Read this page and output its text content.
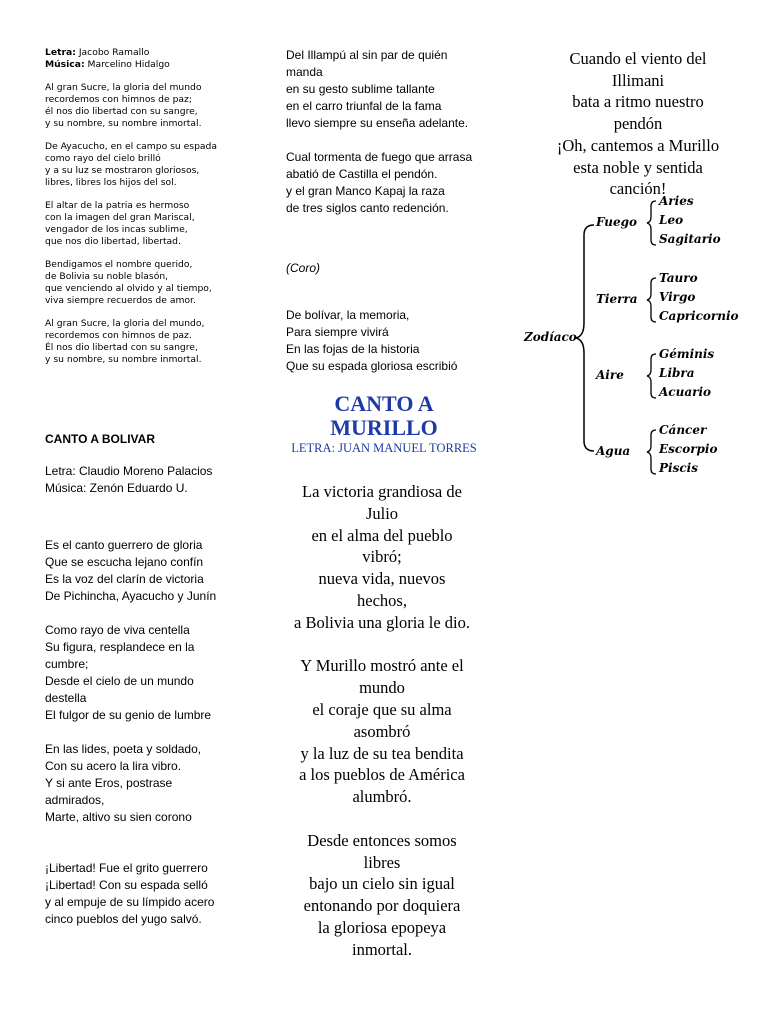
Letra: Jacobo Ramallo
Música: Marcelino Hidalgo
Al gran Sucre, la gloria del mundo
recordemos con himnos de paz;
él nos dio libertad con su sangre,
y su nombre, su nombre inmortal.
De Ayacucho, en el campo su espada
como rayo del cielo brilló
y a su luz se mostraron gloriosos,
libres, libres los hijos del sol.
El altar de la patria es hermoso
con la imagen del gran Mariscal,
vengador de los incas sublime,
que nos dio libertad, libertad.
Bendigamos el nombre querido,
de Bolivia su noble blasón,
que venciendo al olvido y al tiempo,
viva siempre recuerdos de amor.
Al gran Sucre, la gloria del mundo,
recordemos con himnos de paz.
Él nos dio libertad con su sangre,
y su nombre, su nombre inmortal.
CANTO A BOLIVAR
Letra: Claudio Moreno Palacios
Música: Zenón Eduardo U.
Es el canto guerrero de gloria
Que se escucha lejano confín
Es la voz del clarín de victoria
De Pichincha, Ayacucho y Junín
Como rayo de viva centella
Su figura, resplandece en la
cumbre;
Desde el cielo de un mundo
destella
El fulgor de su genio de lumbre
En las lides, poeta y soldado,
Con su acero la lira vibro.
Y si ante Eros, postrase
admirados,
Marte, altivo su sien corono
¡Libertad! Fue el grito guerrero
¡Libertad! Con su espada selló
y al empuje de su límpido acero
cinco pueblos del yugo salvó.
Del Illampú al sin par de quién
manda
en su gesto sublime tallante
en el carro triunfal de la fama
llevo siempre su enseña adelante.
Cual tormenta de fuego que arrasa
abatió de Castilla el pendón.
y el gran Manco Kapaj la raza
de tres siglos canto redención.
(Coro)
De bolívar, la memoria,
Para siempre vivirá
En las fojas de la historia
Que su espada gloriosa escribió
CANTO A
MURILLO
LETRA: JUAN MANUEL TORRES
La victoria grandiosa de
Julio
en el alma del pueblo
vibró;
nueva vida, nuevos
hechos,
a Bolivia una gloria le dio.
Y Murillo mostró ante el
mundo
el coraje que su alma
asombró
y la luz de su tea bendita
a los pueblos de América
alumbró.
Desde entonces somos
libres
bajo un cielo sin igual
entonando por doquiera
la gloriosa epopeya
inmortal.
Cuando el viento del
Illimani
bata a ritmo nuestro
pendón
¡Oh, cantemos a Murillo
esta noble y sentida
canción!
Zodíaco
Fuego
Aries
Leo
Sagitario
Tierra
Tauro
Virgo
Capricornio
Aire
Géminis
Libra
Acuario
Agua
Cáncer
Escorpio
Piscis
